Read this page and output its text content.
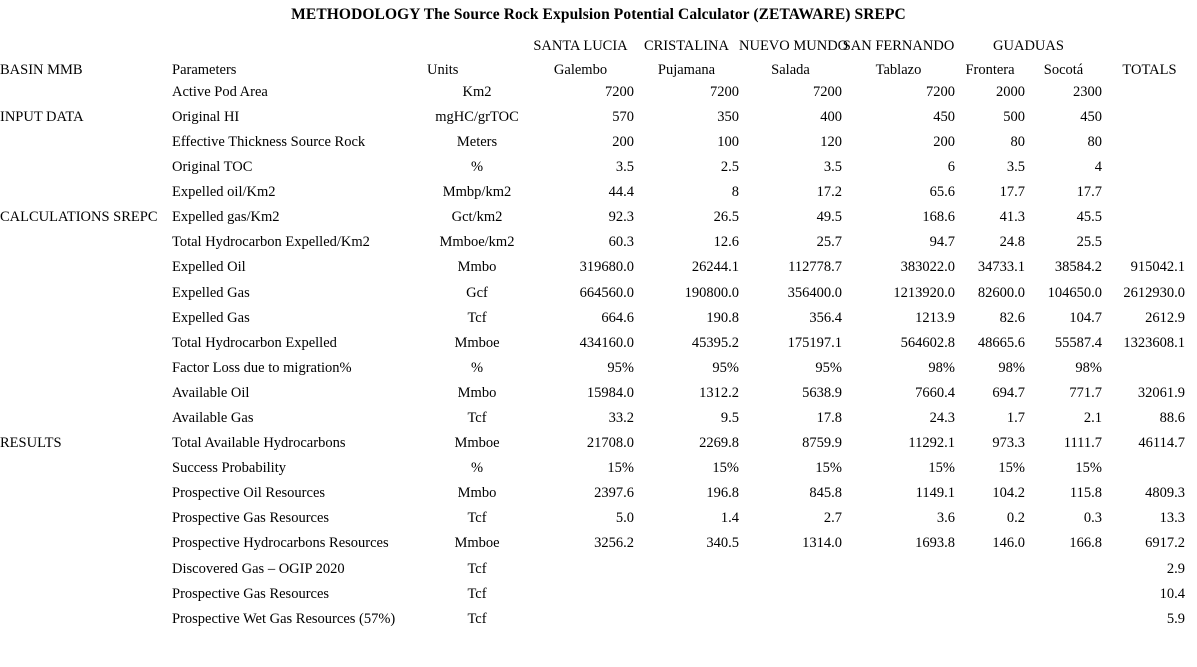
METHODOLOGY The Source Rock Expulsion Potential Calculator (ZETAWARE) SREPC
			SANTA LUCIA	CRISTALINA	NUEVO MUNDO	SAN FERNANDO	GUADUAS		
BASIN MMB	Parameters	Units	Galembo	Pujamana	Salada	Tablazo	Frontera	Socotá	TOTALS
	Active Pod Area	Km2	7200	7200	7200	7200	2000	2300	
INPUT DATA	Original HI	mgHC/grTOC	570	350	400	450	500	450	
	Effective Thickness Source Rock	Meters	200	100	120	200	80	80	
	Original TOC	%	3.5	2.5	3.5	6	3.5	4	
	Expelled oil/Km2	Mmbp/km2	44.4	8	17.2	65.6	17.7	17.7	
CALCULATIONS SREPC	Expelled gas/Km2	Gct/km2	92.3	26.5	49.5	168.6	41.3	45.5	
	Total Hydrocarbon Expelled/Km2	Mmboe/km2	60.3	12.6	25.7	94.7	24.8	25.5	
	Expelled Oil	Mmbo	319680.0	26244.1	112778.7	383022.0	34733.1	38584.2	915042.1
	Expelled Gas	Gcf	664560.0	190800.0	356400.0	1213920.0	82600.0	104650.0	2612930.0
	Expelled Gas	Tcf	664.6	190.8	356.4	1213.9	82.6	104.7	2612.9
	Total Hydrocarbon Expelled	Mmboe	434160.0	45395.2	175197.1	564602.8	48665.6	55587.4	1323608.1
	Factor Loss due to migration%	%	95%	95%	95%	98%	98%	98%	
	Available Oil	Mmbo	15984.0	1312.2	5638.9	7660.4	694.7	771.7	32061.9
	Available Gas	Tcf	33.2	9.5	17.8	24.3	1.7	2.1	88.6
RESULTS	Total Available Hydrocarbons	Mmboe	21708.0	2269.8	8759.9	11292.1	973.3	1111.7	46114.7
	Success Probability	%	15%	15%	15%	15%	15%	15%	
	Prospective Oil Resources	Mmbo	2397.6	196.8	845.8	1149.1	104.2	115.8	4809.3
	Prospective Gas Resources	Tcf	5.0	1.4	2.7	3.6	0.2	0.3	13.3
	Prospective Hydrocarbons Resources	Mmboe	3256.2	340.5	1314.0	1693.8	146.0	166.8	6917.2
	Discovered Gas – OGIP 2020	Tcf							2.9
	Prospective Gas Resources	Tcf							10.4
	Prospective Wet Gas Resources (57%)	Tcf							5.9
